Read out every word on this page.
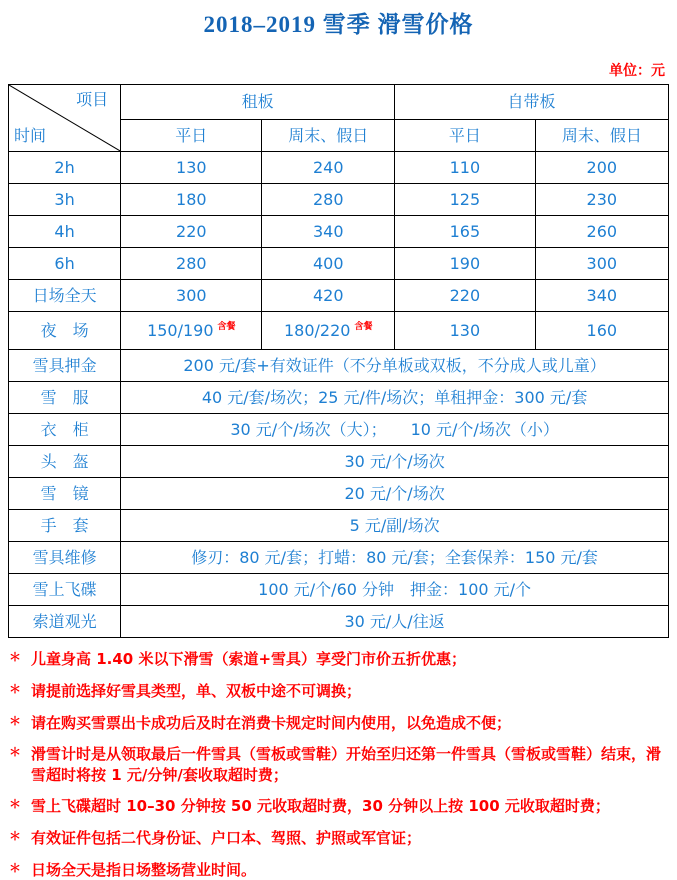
2018–2019 雪季 滑雪价格
单位：元
项目
时间	租板		自带板	
	平日	周末、假日	平日	周末、假日
2h	130	240	110	200
3h	180	280	125	230
4h	220	340	165	260
6h	280	400	190	300
日场全天	300	420	220	340
夜　场	150/190 $^{含餐}$	180/220 $^{含餐}$	130	160
雪具押金	200 元/套+有效证件（不分单板或双板，不分成人或儿童）			
雪　服	40 元/套/场次；25 元/件/场次；单租押金：300 元/套			
衣　柜	30 元/个/场次（大）；　　10 元/个/场次（小）			
头　盔	30 元/个/场次			
雪　镜	20 元/个/场次			
手　套	5 元/副/场次			
雪具维修	修刃：80 元/套；打蜡：80 元/套；全套保养：150 元/套			
雪上飞碟	100 元/个/60 分钟　押金：100 元/个			
索道观光	30 元/人/往返			
＊ 儿童身高 1.40 米以下滑雪（索道+雪具）享受门市价五折优惠；
＊ 请提前选择好雪具类型，单、双板中途不可调换；
＊ 请在购买雪票出卡成功后及时在消费卡规定时间内使用，以免造成不便；
＊ 滑雪计时是从领取最后一件雪具（雪板或雪鞋）开始至归还第一件雪具（雪板或雪鞋）结束，滑雪超时将按 1 元/分钟/套收取超时费；
＊ 雪上飞碟超时 10–30 分钟按 50 元收取超时费，30 分钟以上按 100 元收取超时费；
＊ 有效证件包括二代身份证、户口本、驾照、护照或军官证；
＊ 日场全天是指日场整场营业时间。
